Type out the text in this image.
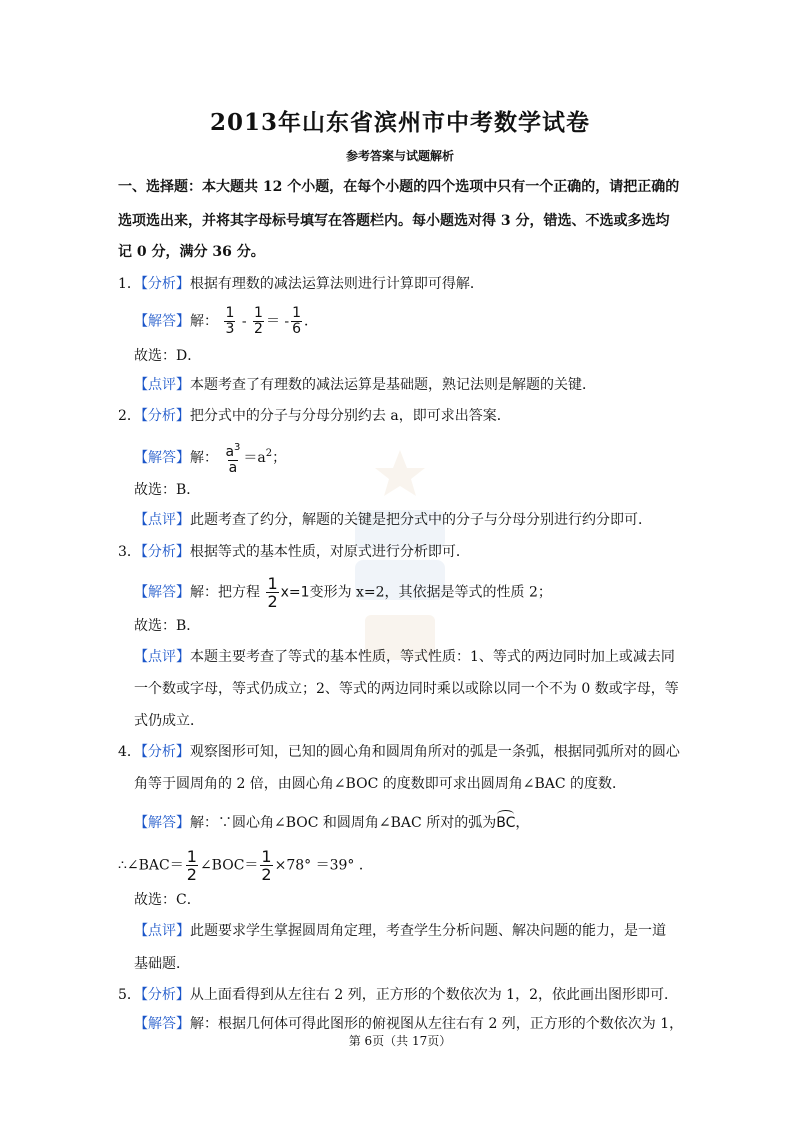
2013年山东省滨州市中考数学试卷
参考答案与试题解析
一、选择题：本大题共 12 个小题，在每个小题的四个选项中只有一个正确的，请把正确的
选项选出来，并将其字母标号填写在答题栏内。每小题选对得 3 分，错选、不选或多选均
记 0 分，满分 36 分。
1．【分析】根据有理数的减法运算法则进行计算即可得解．
【解答】解： $\frac{1}{3} - \frac{1}{2}$ ＝ - $\frac{1}{6}$ ．
故选：D．
【点评】本题考查了有理数的减法运算是基础题，熟记法则是解题的关键．
2．【分析】把分式中的分子与分母分别约去 a，即可求出答案．
【解答】解： $\frac{a^3}{a} =a^2$；
故选：B．
【点评】此题考查了约分，解题的关键是把分式中的分子与分母分别进行约分即可．
3．【分析】根据等式的基本性质，对原式进行分析即可．
【解答】解：把方程 $\frac{1}{2} x=1$变形为 x=2，其依据是等式的性质 2；
故选：B．
【点评】本题主要考查了等式的基本性质，等式性质：1、等式的两边同时加上或减去同
一个数或字母，等式仍成立；2、等式的两边同时乘以或除以同一个不为 0 数或字母，等
式仍成立．
4．【分析】观察图形可知，已知的圆心角和圆周角所对的弧是一条弧，根据同弧所对的圆心
角等于圆周角的 2 倍，由圆心角∠BOC 的度数即可求出圆周角∠BAC 的度数．
【解答】解：∵圆心角∠BOC 和圆周角∠BAC 所对的弧为BC，
∴∠BAC＝ $\frac{1}{2}$ ∠BOC＝ $\frac{1}{2} \times 78^\circ =39^\circ$ ．
故选：C．
【点评】此题要求学生掌握圆周角定理，考查学生分析问题、解决问题的能力，是一道
基础题．
5．【分析】从上面看得到从左往右 2 列，正方形的个数依次为 1，2，依此画出图形即可．
【解答】解：根据几何体可得此图形的俯视图从左往右有 2 列，正方形的个数依次为 1，
第 6页（共 17页）
